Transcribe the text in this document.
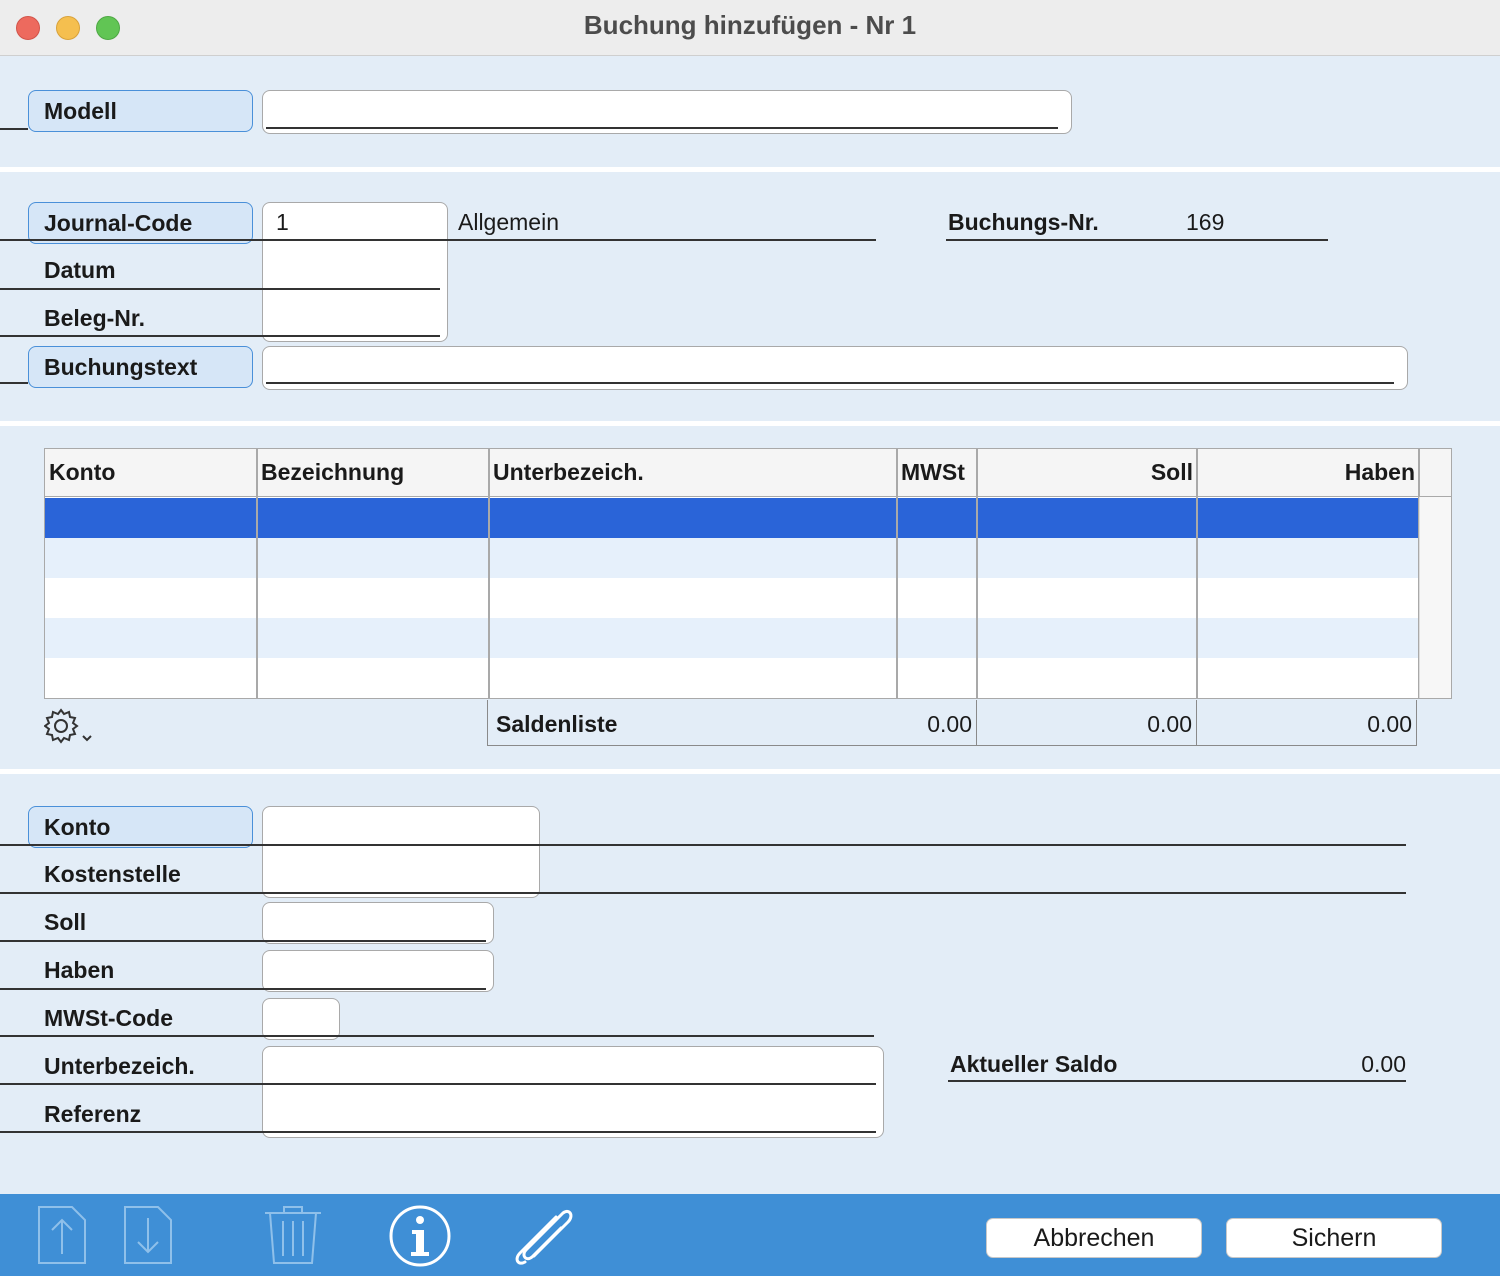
Buchung hinzufügen - Nr 1
Modell
Journal-Code	1	Allgemein	Buchungs-Nr.	169
Datum
Beleg-Nr.
Buchungstext
Konto	Bezeichnung	Unterbezeich.	MWSt	Soll	Haben
Saldenliste	0.00	0.00	0.00
Konto
Kostenstelle
Soll
Haben
MWSt-Code
Unterbezeich.
Referenz
Aktueller Saldo	0.00
Abbrechen	Sichern
